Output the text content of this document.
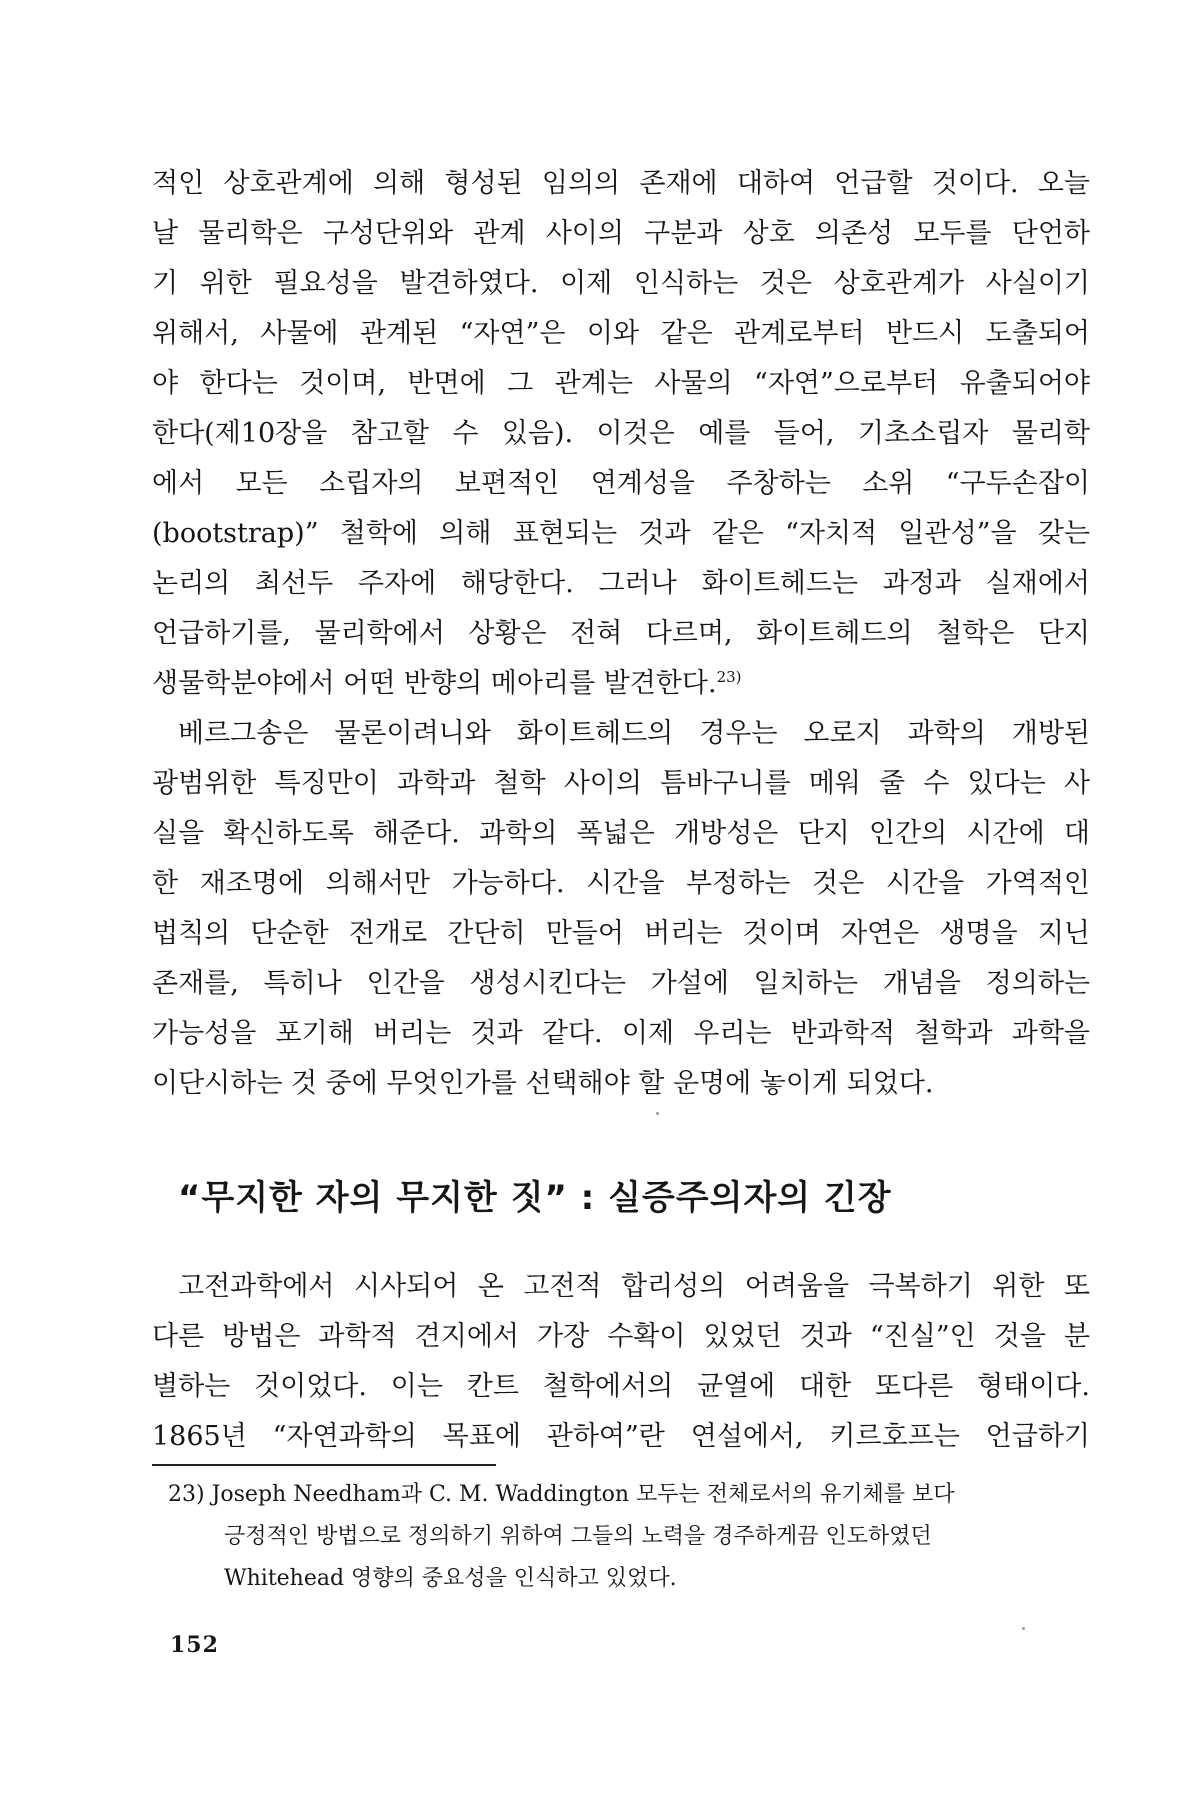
적인 상호관계에 의해 형성된 임의의 존재에 대하여 언급할 것이다. 오늘
날 물리학은 구성단위와 관계 사이의 구분과 상호 의존성 모두를 단언하
기 위한 필요성을 발견하였다. 이제 인식하는 것은 상호관계가 사실이기
위해서, 사물에 관계된 “자연”은 이와 같은 관계로부터 반드시 도출되어
야 한다는 것이며, 반면에 그 관계는 사물의 “자연”으로부터 유출되어야
한다(제10장을 참고할 수 있음). 이것은 예를 들어, 기초소립자 물리학
에서 모든 소립자의 보편적인 연계성을 주창하는 소위 “구두손잡이
(bootstrap)” 철학에 의해 표현되는 것과 같은 “자치적 일관성”을 갖는
논리의 최선두 주자에 해당한다. 그러나 화이트헤드는 과정과 실재에서
언급하기를, 물리학에서 상황은 전혀 다르며, 화이트헤드의 철학은 단지
생물학분야에서 어떤 반향의 메아리를 발견한다.$^{23)}$
베르그송은 물론이려니와 화이트헤드의 경우는 오로지 과학의 개방된
광범위한 특징만이 과학과 철학 사이의 틈바구니를 메워 줄 수 있다는 사
실을 확신하도록 해준다. 과학의 폭넓은 개방성은 단지 인간의 시간에 대
한 재조명에 의해서만 가능하다. 시간을 부정하는 것은 시간을 가역적인
법칙의 단순한 전개로 간단히 만들어 버리는 것이며 자연은 생명을 지닌
존재를, 특히나 인간을 생성시킨다는 가설에 일치하는 개념을 정의하는
가능성을 포기해 버리는 것과 같다. 이제 우리는 반과학적 철학과 과학을
이단시하는 것 중에 무엇인가를 선택해야 할 운명에 놓이게 되었다.
“무지한 자의 무지한 짓” : 실증주의자의 긴장
고전과학에서 시사되어 온 고전적 합리성의 어려움을 극복하기 위한 또
다른 방법은 과학적 견지에서 가장 수확이 있었던 것과 “진실”인 것을 분
별하는 것이었다. 이는 칸트 철학에서의 균열에 대한 또다른 형태이다.
1865년 “자연과학의 목표에 관하여”란 연설에서, 키르호프는 언급하기
23) Joseph Needham과 C. M. Waddington 모두는 전체로서의 유기체를 보다
긍정적인 방법으로 정의하기 위하여 그들의 노력을 경주하게끔 인도하였던
Whitehead 영향의 중요성을 인식하고 있었다.
152
